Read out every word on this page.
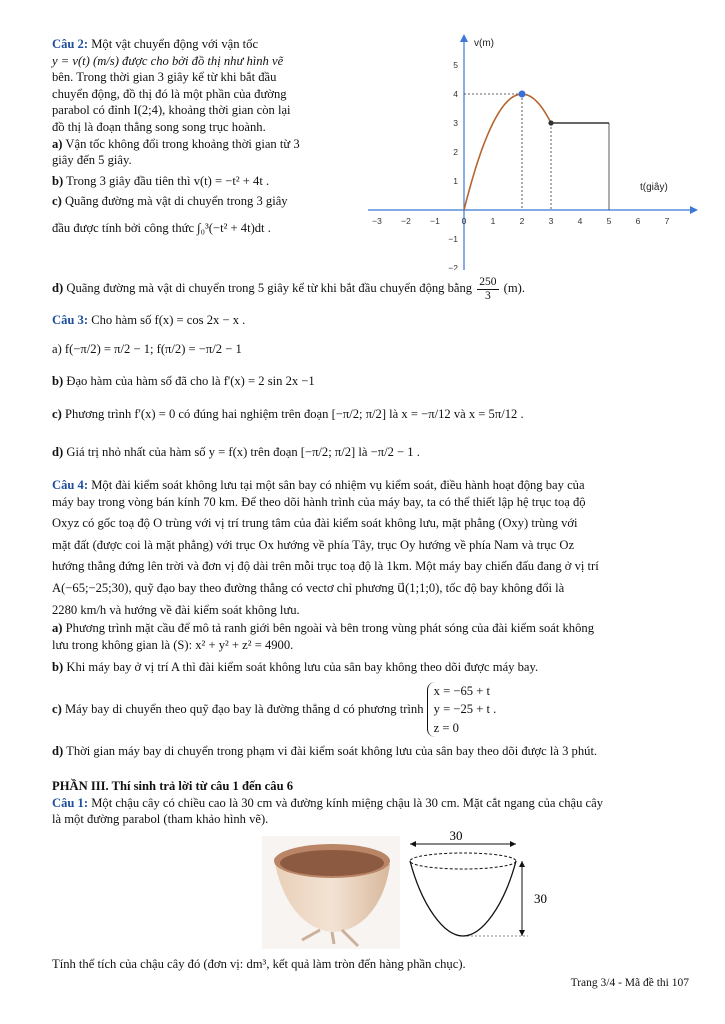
Câu 2: Một vật chuyển động với vận tốc

y = v(t) (m/s) được cho bởi đồ thị như hình vẽ

bên. Trong thời gian 3 giây kể từ khi bắt đầu

chuyển động, đồ thị đó là một phần của đường

parabol có đỉnh I(2;4), khoảng thời gian còn lại

đồ thị là đoạn thẳng song song trục hoành.

a) Vận tốc không đổi trong khoảng thời gian từ 3

giây đến 5 giây.

b) Trong 3 giây đầu tiên thì v(t) = −t² + 4t .

c) Quãng đường mà vật di chuyển trong 3 giây

đầu được tính bởi công thức ∫₀³(−t² + 4t)dt .

−3 −2 −1	0	1	2	3	4	5	6	7
5
4
3
2
1
−1
−2
v(m)
t(giây)
d) Quãng đường mà vật di chuyển trong 5 giây kể từ khi bắt đầu chuyển động bằng $\frac{250}{3} (m)$.

Câu 3: Cho hàm số f(x) = cos 2x − x .

a) f(−π/2) = π/2 − 1; f(π/2) = −π/2 − 1

b) Đạo hàm của hàm số đã cho là f'(x) = 2 sin 2x −1

c) Phương trình f'(x) = 0 có đúng hai nghiệm trên đoạn [−π/2; π/2] là x = −π/12 và x = 5π/12 .

d) Giá trị nhỏ nhất của hàm số y = f(x) trên đoạn [−π/2; π/2] là −π/2 − 1 .

Câu 4: Một đài kiểm soát không lưu tại một sân bay có nhiệm vụ kiểm soát, điều hành hoạt động bay của

máy bay trong vòng bán kính 70 km. Để theo dõi hành trình của máy bay, ta có thể thiết lập hệ trục toạ độ

Oxyz có gốc toạ độ O trùng với vị trí trung tâm của đài kiểm soát không lưu, mặt phẳng (Oxy) trùng với

mặt đất (được coi là mặt phẳng) với trục Ox hướng về phía Tây, trục Oy hướng về phía Nam và trục Oz

hướng thẳng đứng lên trời và đơn vị độ dài trên mỗi trục toạ độ là 1km. Một máy bay chiến đấu đang ở vị trí

A(−65;−25;30), quỹ đạo bay theo đường thẳng có vectơ chỉ phương u⃗(1;1;0), tốc độ bay không đổi là

2280 km/h và hướng về đài kiểm soát không lưu.

a) Phương trình mặt cầu để mô tả ranh giới bên ngoài và bên trong vùng phát sóng của đài kiểm soát không

lưu trong không gian là (S): x² + y² + z² = 4900.

b) Khi máy bay ở vị trí A thì đài kiểm soát không lưu của sân bay không theo dõi được máy bay.

c)
Máy bay di chuyển theo quỹ đạo bay là đường thẳng d có phương trình

x = −65 + t
y = −25 + t .
z = 0

d) Thời gian máy bay di chuyển trong phạm vi đài kiểm soát không lưu của sân bay theo dõi được là 3 phút.

PHẦN III. Thí sinh trả lời từ câu 1 đến câu 6

Câu 1: Một chậu cây có chiều cao là 30 cm và đường kính miệng chậu là 30 cm. Mặt cắt ngang của chậu cây

là một đường parabol (tham khảo hình vẽ).

30
30
Tính thể tích của chậu cây đó (đơn vị: dm³, kết quả làm tròn đến hàng phần chục).
Trang 3/4 - Mã đề thi 107
